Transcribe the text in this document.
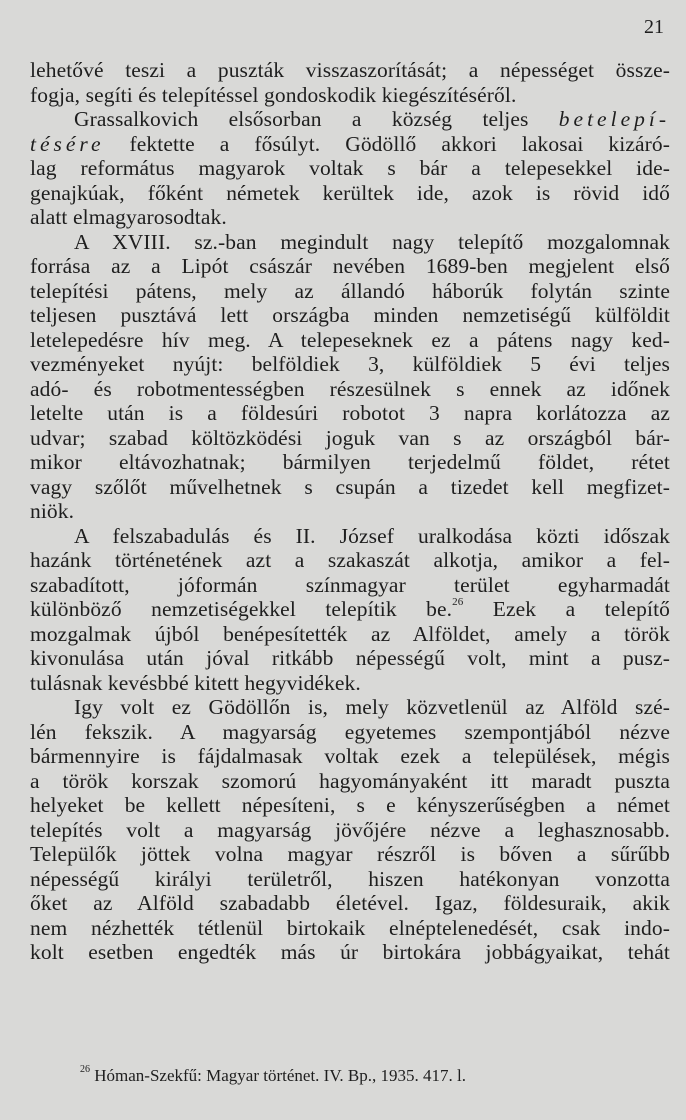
21
lehetővé teszi a puszták visszaszorítását; a népességet össze-
fogja, segíti és telepítéssel gondoskodik kiegészítéséről.
Grassalkovich elsősorban a község teljes betelepí-
tésére fektette a fősúlyt. Gödöllő akkori lakosai kizáró-
lag református magyarok voltak s bár a telepesekkel ide-
genajkúak, főként németek kerültek ide, azok is rövid idő
alatt elmagyarosodtak.
A XVIII. sz.-ban megindult nagy telepítő mozgalomnak
forrása az a Lipót császár nevében 1689-ben megjelent első
telepítési pátens, mely az állandó háborúk folytán szinte
teljesen pusztává lett országba minden nemzetiségű külföldit
letelepedésre hív meg. A telepeseknek ez a pátens nagy ked-
vezményeket nyújt: belföldiek 3, külföldiek 5 évi teljes
adó- és robotmentességben részesülnek s ennek az időnek
letelte után is a földesúri robotot 3 napra korlátozza az
udvar; szabad költözködési joguk van s az országból bár-
mikor eltávozhatnak; bármilyen terjedelmű földet, rétet
vagy szőlőt művelhetnek s csupán a tizedet kell megfizet-
niök.
A felszabadulás és II. József uralkodása közti időszak
hazánk történetének azt a szakaszát alkotja, amikor a fel-
szabadított, jóformán színmagyar terület egyharmadát
különböző nemzetiségekkel telepítik be.$^{26}$ Ezek a telepítő
mozgalmak újból benépesítették az Alföldet, amely a török
kivonulása után jóval ritkább népességű volt, mint a pusz-
tulásnak kevésbbé kitett hegyvidékek.
Igy volt ez Gödöllőn is, mely közvetlenül az Alföld szé-
lén fekszik. A magyarság egyetemes szempontjából nézve
bármennyire is fájdalmasak voltak ezek a települések, mégis
a török korszak szomorú hagyományaként itt maradt puszta
helyeket be kellett népesíteni, s e kényszerűségben a német
telepítés volt a magyarság jövőjére nézve a leghasznosabb.
Települők jöttek volna magyar részről is bőven a sűrűbb
népességű királyi területről, hiszen hatékonyan vonzotta
őket az Alföld szabadabb életével. Igaz, földesuraik, akik
nem nézhették tétlenül birtokaik elnéptelenedését, csak indo-
kolt esetben engedték más úr birtokára jobbágyaikat, tehát
$^{26}$ Hóman-Szekfű: Magyar történet. IV. Bp., 1935. 417. l.
